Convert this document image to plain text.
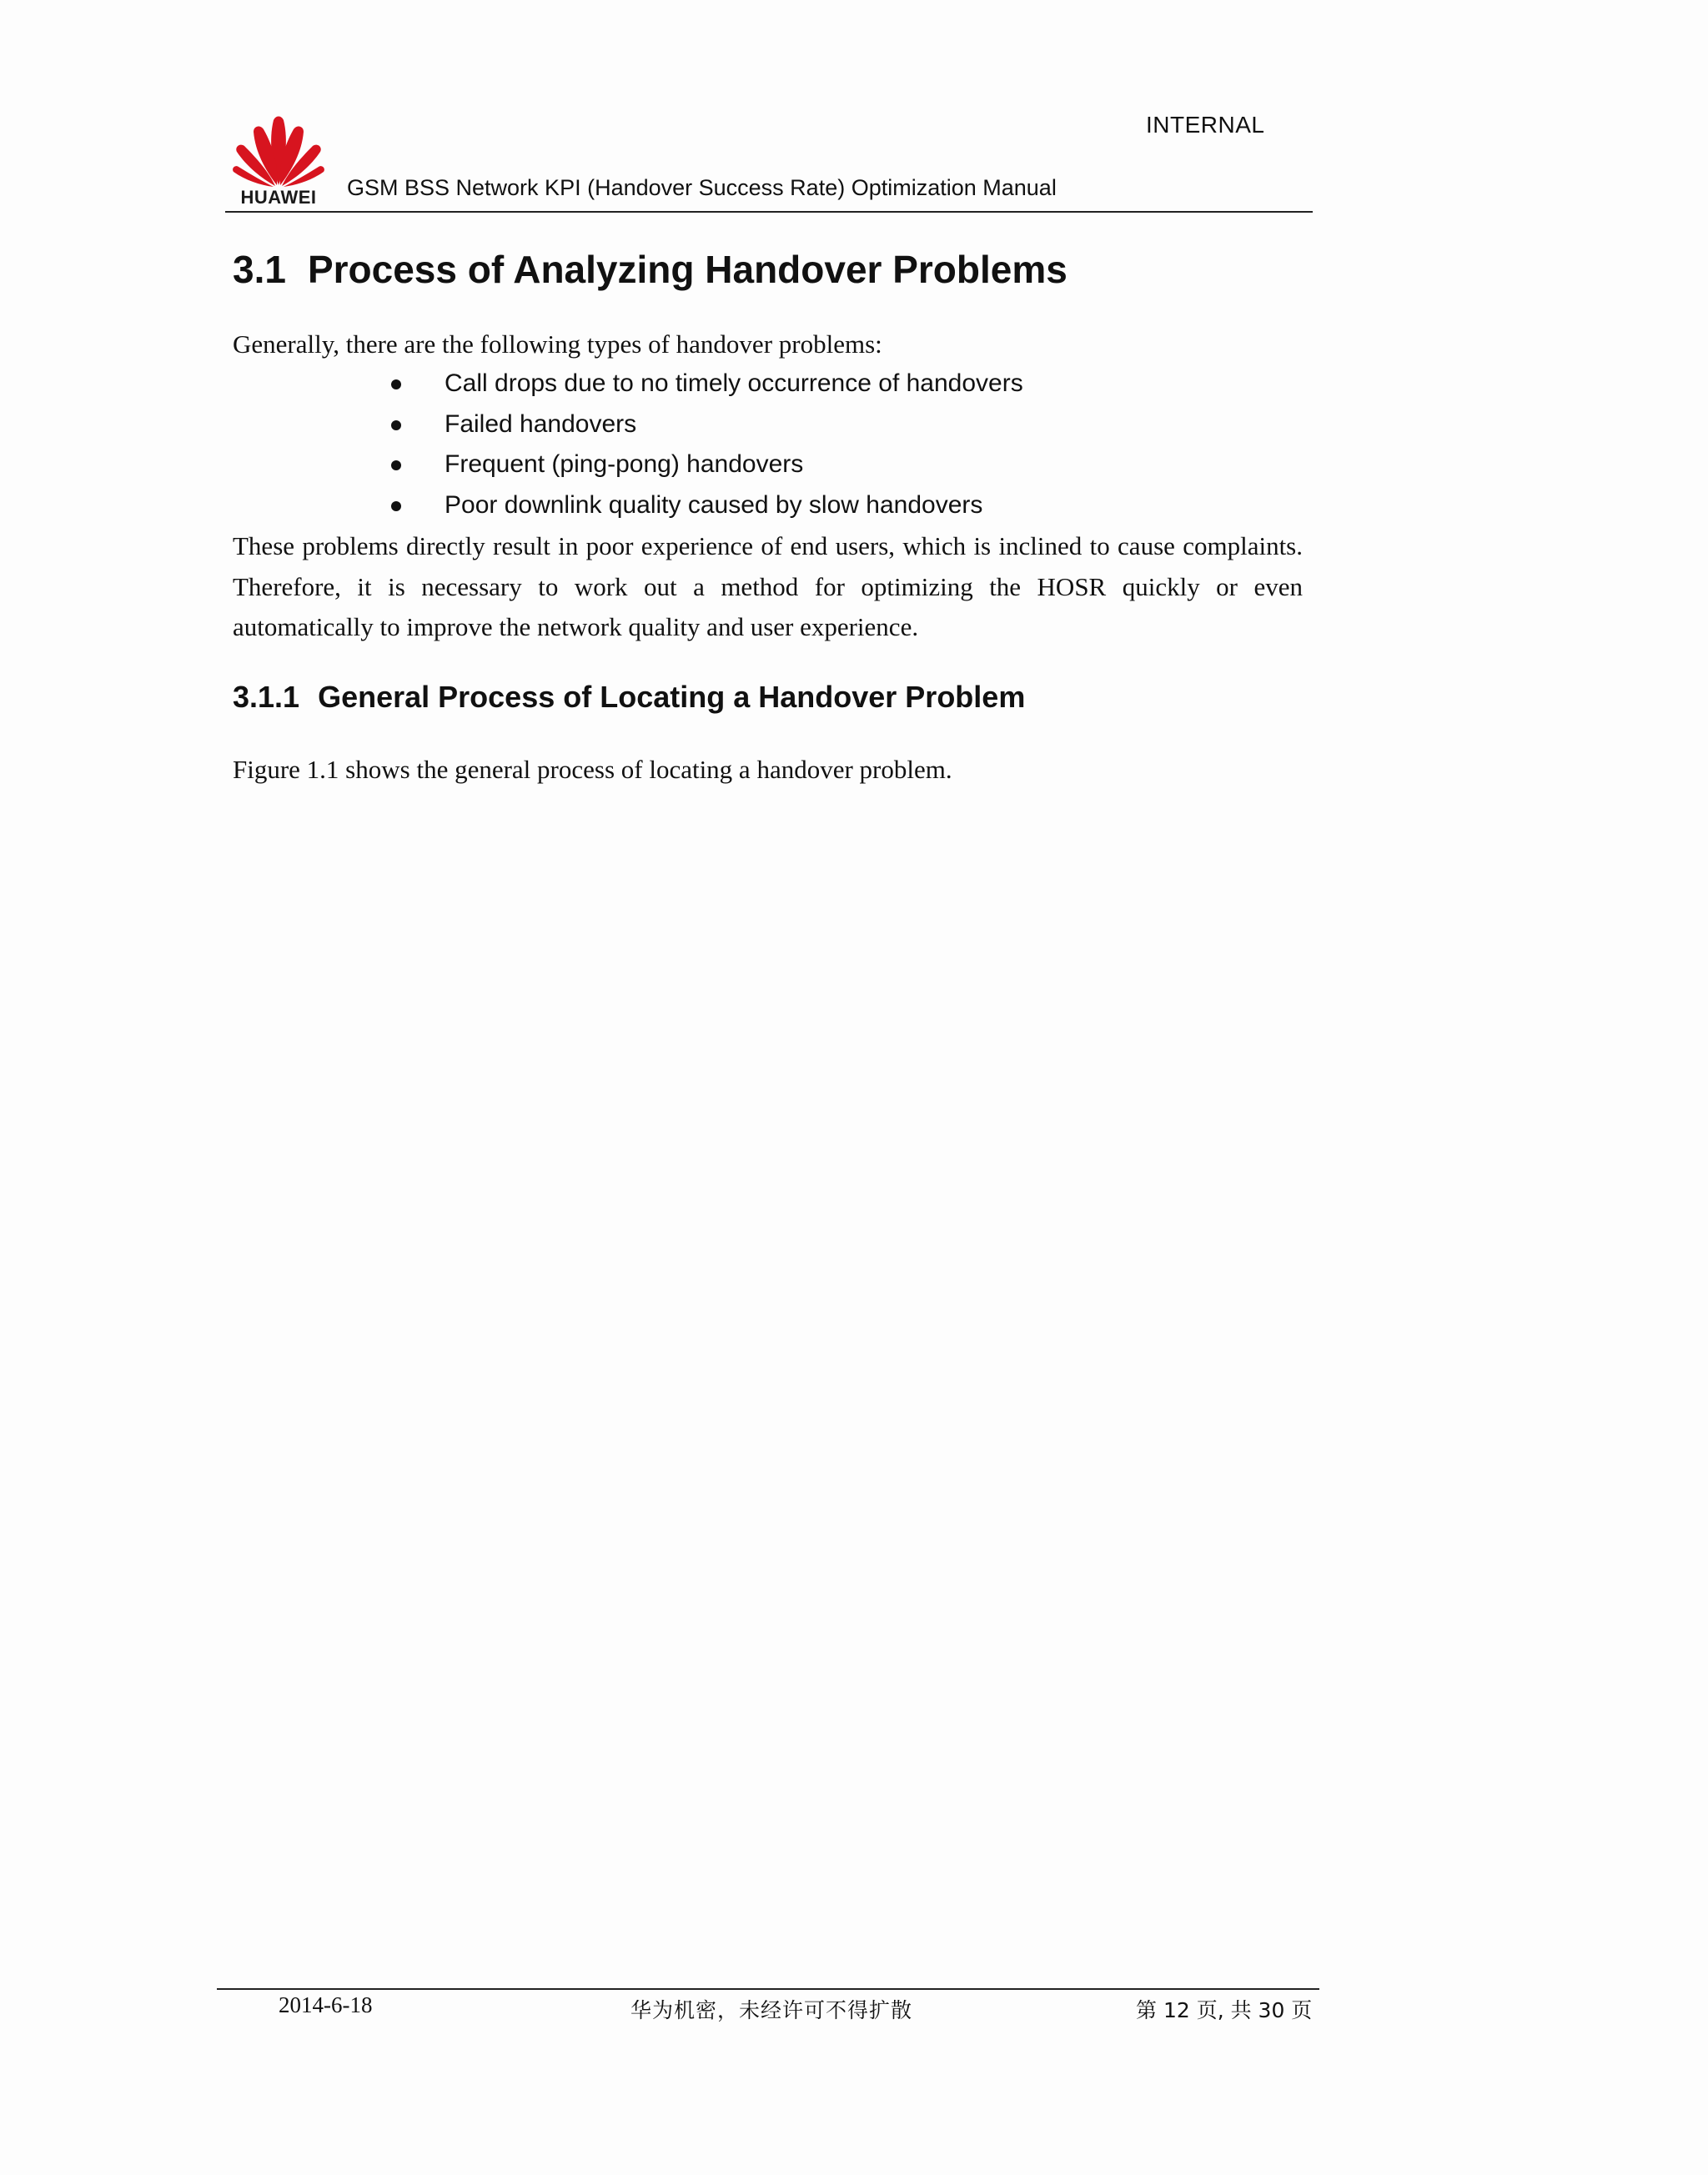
INTERNAL
HUAWEI	GSM BSS Network KPI (Handover Success Rate) Optimization Manual
3.1 Process of Analyzing Handover Problems
Generally, there are the following types of handover problems:
Call drops due to no timely occurrence of handovers
Failed handovers
Frequent (ping-pong) handovers
Poor downlink quality caused by slow handovers
These problems directly result in poor experience of end users, which is inclined to cause complaints. Therefore, it is necessary to work out a method for optimizing the HOSR quickly or even automatically to improve the network quality and user experience.
3.1.1 General Process of Locating a Handover Problem
Figure 1.1 shows the general process of locating a handover problem.
2014-6-18	华为机密，未经许可不得扩散	第 12 页, 共 30 页
